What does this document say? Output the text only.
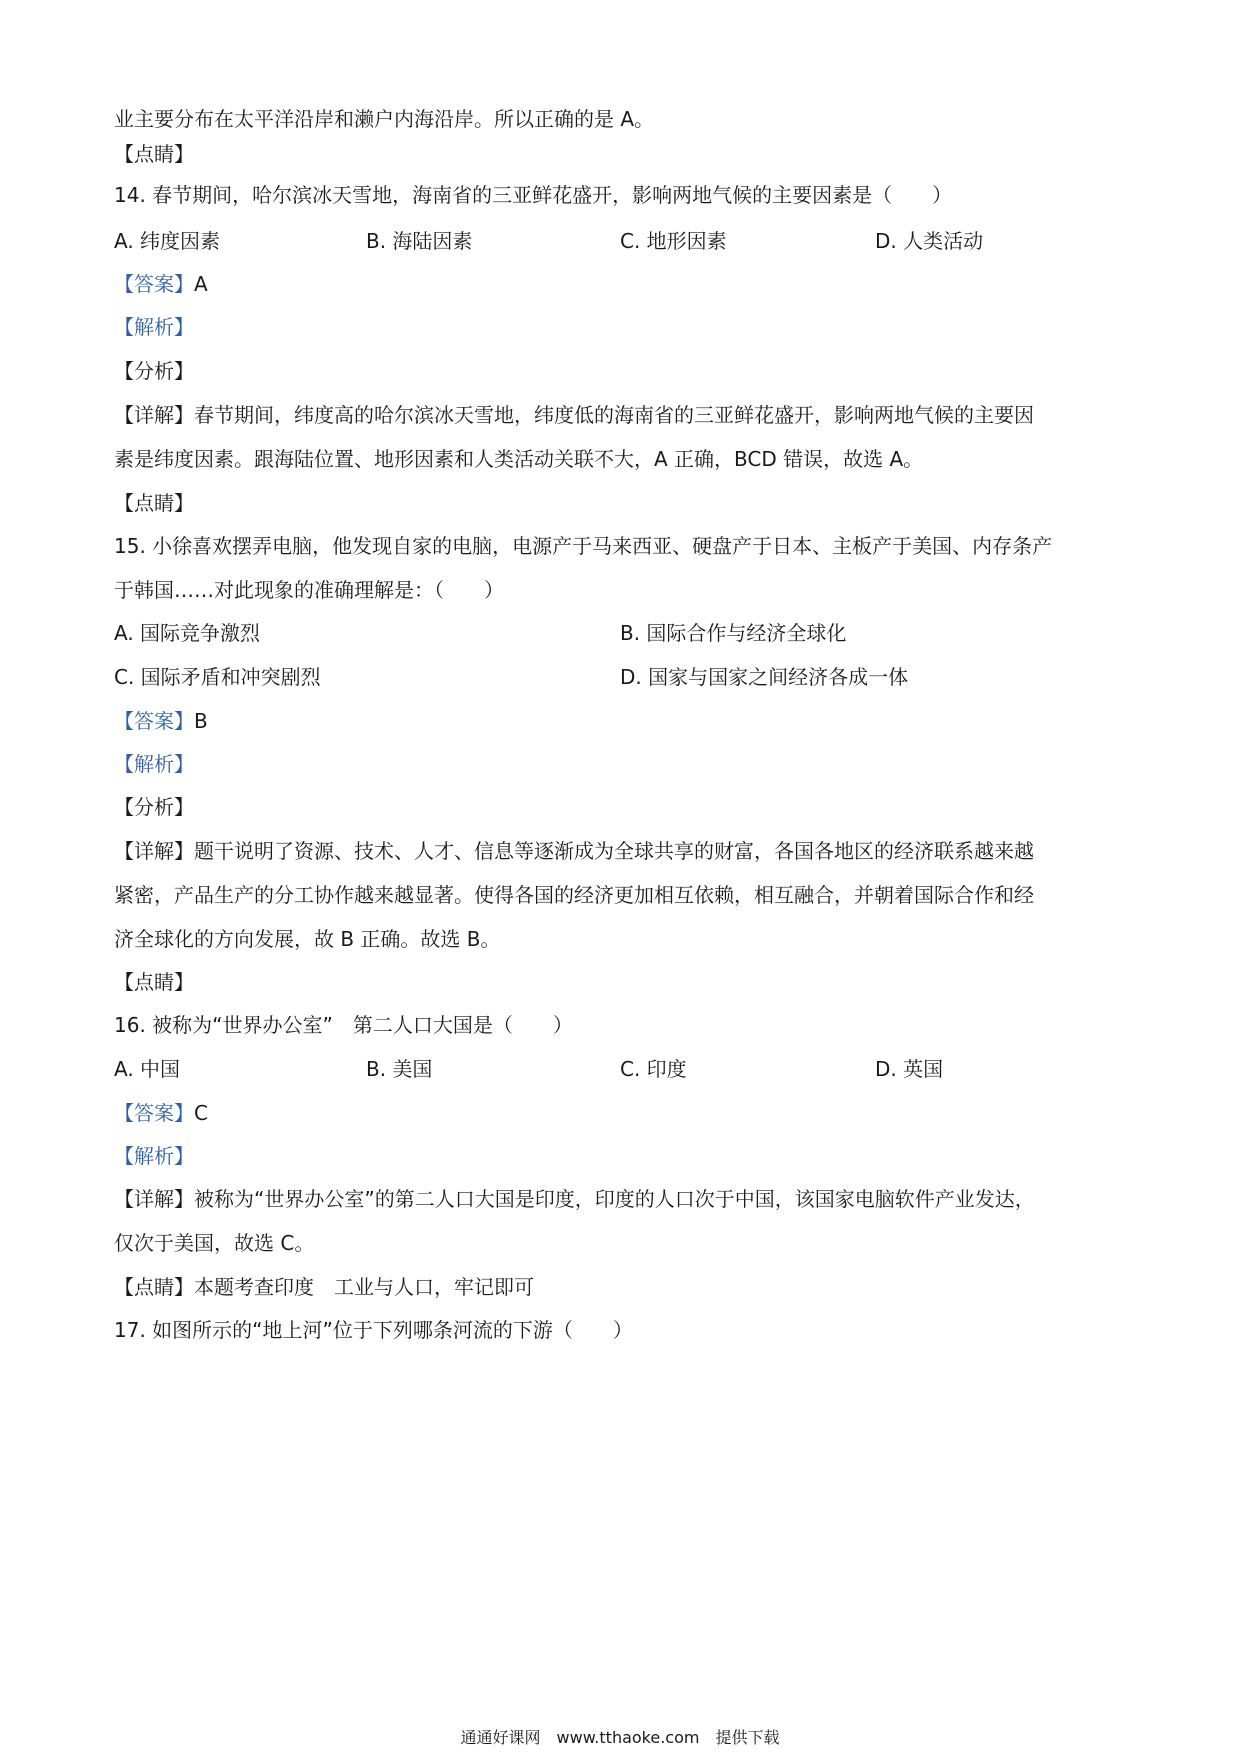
业主要分布在太平洋沿岸和濑户内海沿岸。所以正确的是 A。
【点睛】
14. 春节期间，哈尔滨冰天雪地，海南省的三亚鲜花盛开，影响两地气候的主要因素是（　　）
A. 纬度因素	B. 海陆因素	C. 地形因素	D. 人类活动
【答案】A
【解析】
【分析】
【详解】春节期间，纬度高的哈尔滨冰天雪地，纬度低的海南省的三亚鲜花盛开，影响两地气候的主要因
素是纬度因素。跟海陆位置、地形因素和人类活动关联不大，A 正确，BCD 错误，故选 A。
【点睛】
15. 小徐喜欢摆弄电脑，他发现自家的电脑，电源产于马来西亚、硬盘产于日本、主板产于美国、内存条产
于韩国……对此现象的准确理解是：（　　）
A. 国际竞争激烈	B. 国际合作与经济全球化
C. 国际矛盾和冲突剧烈	D. 国家与国家之间经济各成一体
【答案】B
【解析】
【分析】
【详解】题干说明了资源、技术、人才、信息等逐渐成为全球共享的财富，各国各地区的经济联系越来越
紧密，产品生产的分工协作越来越显著。使得各国的经济更加相互依赖，相互融合，并朝着国际合作和经
济全球化的方向发展，故 B 正确。故选 B。
【点睛】
16. 被称为“世界办公室”　第二人口大国是（　　）
A. 中国	B. 美国	C. 印度	D. 英国
【答案】C
【解析】
【详解】被称为“世界办公室”的第二人口大国是印度，印度的人口次于中国，该国家电脑软件产业发达，
仅次于美国，故选 C。
【点睛】本题考查印度　工业与人口，牢记即可
17. 如图所示的“地上河”位于下列哪条河流的下游（　　）
通通好课网　www.tthaoke.com　提供下载
